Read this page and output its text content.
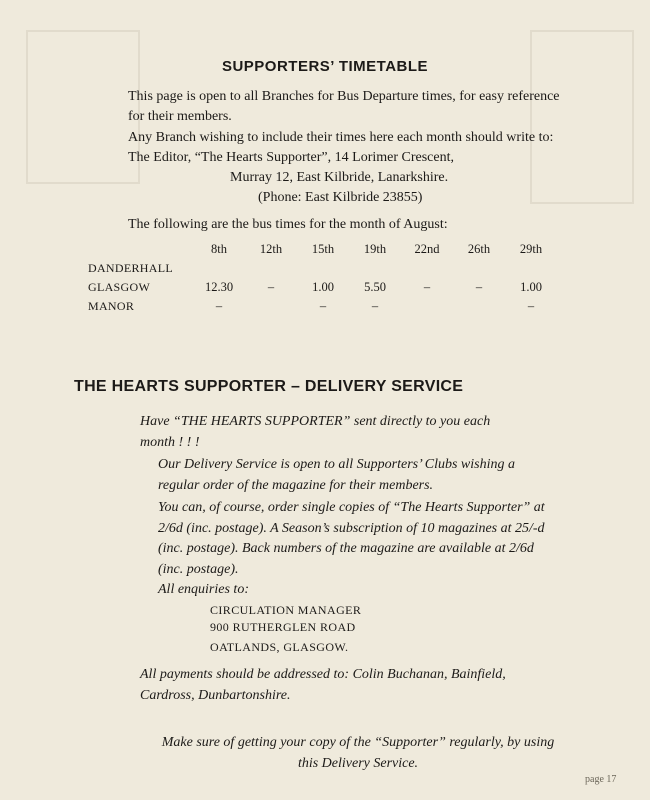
SUPPORTERS’ TIMETABLE

This page is open to all Branches for Bus Departure times, for easy reference for their members.

Any Branch wishing to include their times here each month should write to: The Editor, “The Hearts Supporter”, 14 Lorimer Crescent,

Murray 12, East Kilbride, Lanarkshire.

(Phone: East Kilbride 23855)

The following are the bus times for the month of August:

	8th	12th	15th	19th	22nd	26th	29th
DANDERHALL							
GLASGOW	12.30	–	1.00	5.50	–	–	1.00
MANOR	–		–	–			–
THE HEARTS SUPPORTER – DELIVERY SERVICE

Have “THE HEARTS SUPPORTER” sent directly to you each month ! ! !

Our Delivery Service is open to all Supporters’ Clubs wishing a regular order of the magazine for their members.

You can, of course, order single copies of “The Hearts Supporter” at 2/6d (inc. postage). A Season’s subscription of 10 magazines at 25/-d (inc. postage). Back numbers of the magazine are available at 2/6d (inc. postage).

All enquiries to:

CIRCULATION MANAGER
900 RUTHERGLEN ROAD
OATLANDS, GLASGOW.

All payments should be addressed to: Colin Buchanan, Bainfield, Cardross, Dunbartonshire.

Make sure of getting your copy of the “Supporter” regularly, by using this Delivery Service.

page 17
